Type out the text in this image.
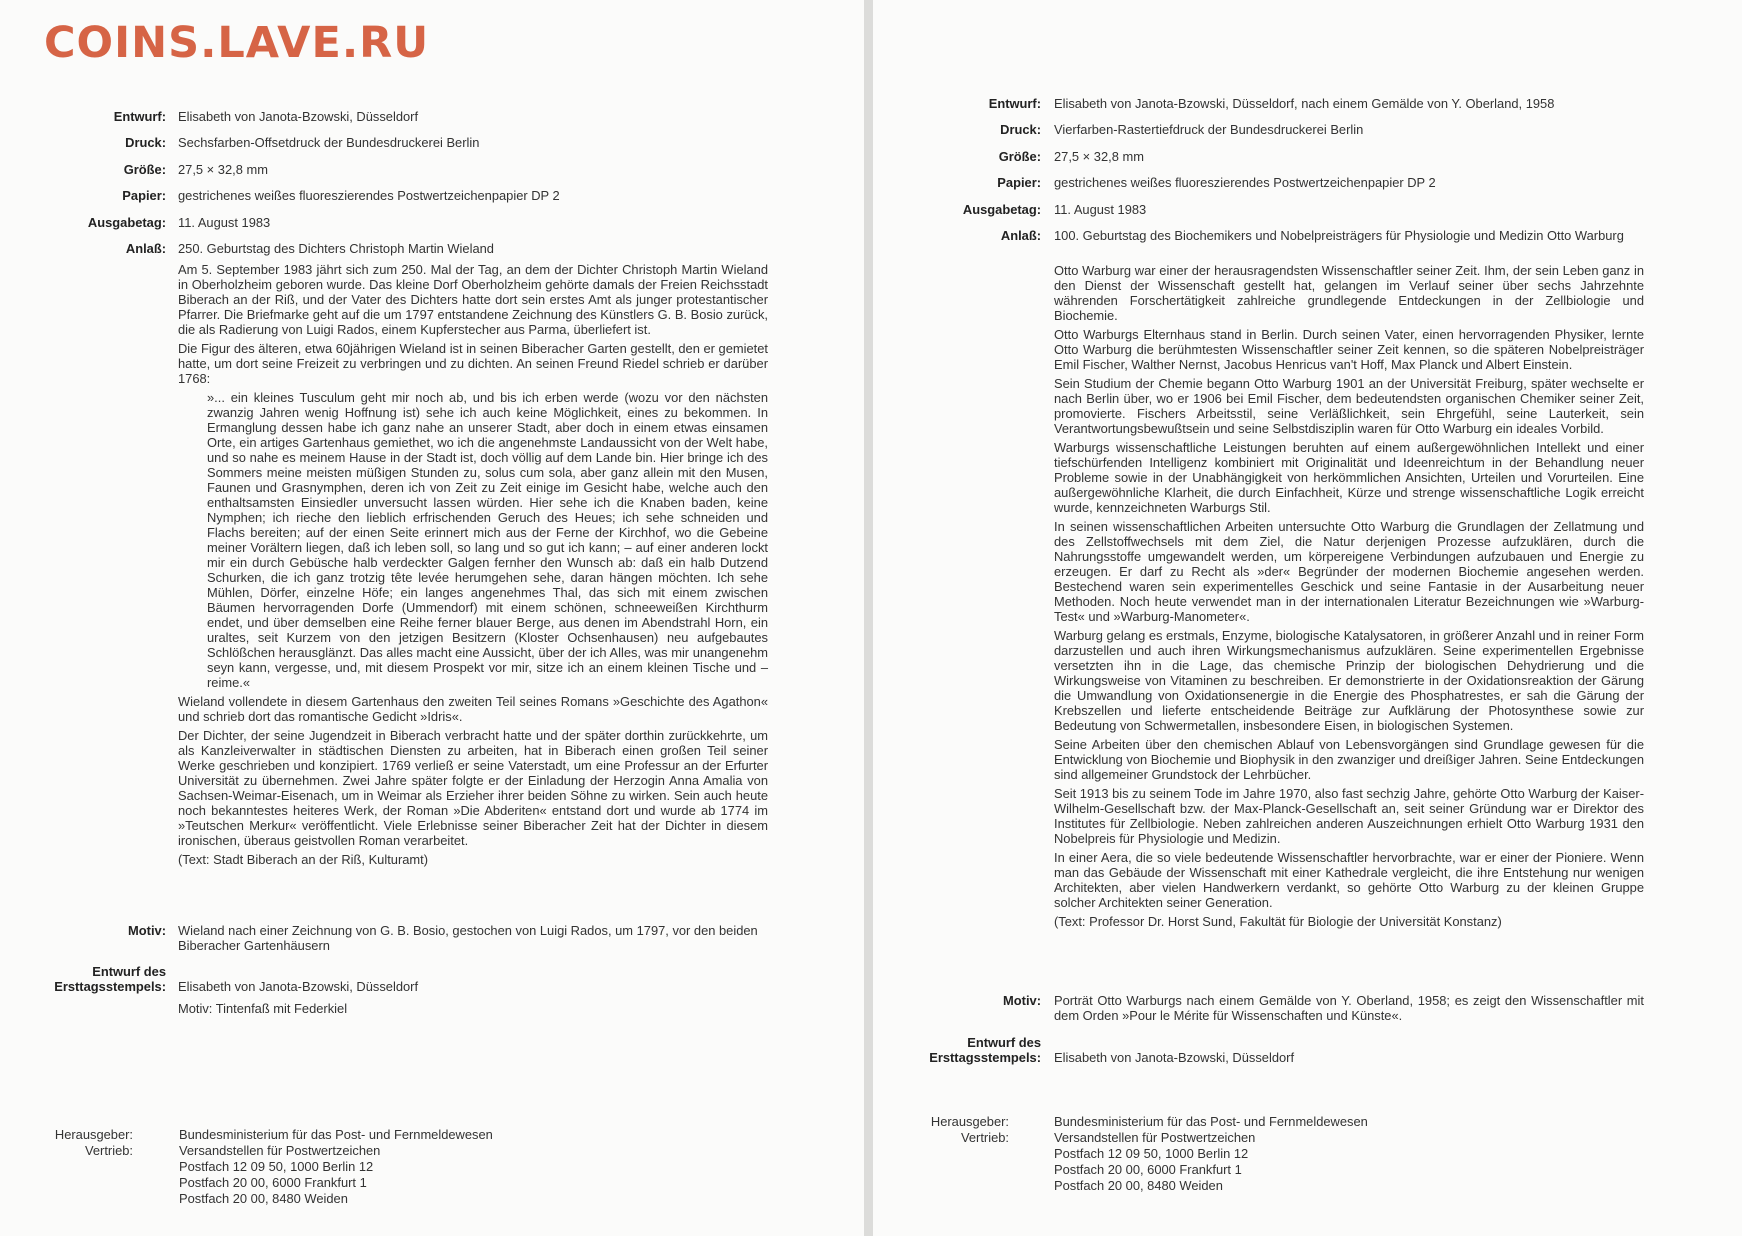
COINS.LAVE.RU
Entwurf: Elisabeth von Janota-Bzowski, Düsseldorf
Druck: Sechsfarben-Offsetdruck der Bundesdruckerei Berlin
Größe: 27,5 × 32,8 mm
Papier: gestrichenes weißes fluoreszierendes Postwertzeichenpapier DP 2
Ausgabetag: 11. August 1983
Anlaß: 250. Geburtstag des Dichters Christoph Martin Wieland

Am 5. September 1983 jährt sich zum 250. Mal der Tag, an dem der Dichter Christoph Martin Wieland in Oberholzheim geboren wurde. Das kleine Dorf Oberholzheim gehörte damals der Freien Reichsstadt Biberach an der Riß, und der Vater des Dichters hatte dort sein erstes Amt als junger protestantischer Pfarrer. Die Briefmarke geht auf die um 1797 entstandene Zeichnung des Künstlers G. B. Bosio zurück, die als Radierung von Luigi Rados, einem Kupferstecher aus Parma, überliefert ist.

Die Figur des älteren, etwa 60jährigen Wieland ist in seinen Biberacher Garten gestellt, den er gemietet hatte, um dort seine Freizeit zu verbringen und zu dichten. An seinen Freund Riedel schrieb er darüber 1768:

»... ein kleines Tusculum geht mir noch ab, und bis ich erben werde (wozu vor den nächsten zwanzig Jahren wenig Hoffnung ist) sehe ich auch keine Möglichkeit, eines zu bekommen. In Ermanglung dessen habe ich ganz nahe an unserer Stadt, aber doch in einem etwas einsamen Orte, ein artiges Gartenhaus gemiethet, wo ich die angenehmste Landaussicht von der Welt habe, und so nahe es meinem Hause in der Stadt ist, doch völlig auf dem Lande bin. Hier bringe ich des Sommers meine meisten müßigen Stunden zu, solus cum sola, aber ganz allein mit den Musen, Faunen und Grasnymphen, deren ich von Zeit zu Zeit einige im Gesicht habe, welche auch den enthaltsamsten Einsiedler unversucht lassen würden. Hier sehe ich die Knaben baden, keine Nymphen; ich rieche den lieblich erfrischenden Geruch des Heues; ich sehe schneiden und Flachs bereiten; auf der einen Seite erinnert mich aus der Ferne der Kirchhof, wo die Gebeine meiner Vorältern liegen, daß ich leben soll, so lang und so gut ich kann; – auf einer anderen lockt mir ein durch Gebüsche halb verdeckter Galgen fernher den Wunsch ab: daß ein halb Dutzend Schurken, die ich ganz trotzig tête levée herumgehen sehe, daran hängen möchten. Ich sehe Mühlen, Dörfer, einzelne Höfe; ein langes angenehmes Thal, das sich mit einem zwischen Bäumen hervorragenden Dorfe (Ummendorf) mit einem schönen, schneeweißen Kirchthurm endet, und über demselben eine Reihe ferner blauer Berge, aus denen im Abendstrahl Horn, ein uraltes, seit Kurzem von den jetzigen Besitzern (Kloster Ochsenhausen) neu aufgebautes Schlößchen herausglänzt. Das alles macht eine Aussicht, über der ich Alles, was mir unangenehm seyn kann, vergesse, und, mit diesem Prospekt vor mir, sitze ich an einem kleinen Tische und – reime.«

Wieland vollendete in diesem Gartenhaus den zweiten Teil seines Romans »Geschichte des Agathon« und schrieb dort das romantische Gedicht »Idris«.

Der Dichter, der seine Jugendzeit in Biberach verbracht hatte und der später dorthin zurückkehrte, um als Kanzleiverwalter in städtischen Diensten zu arbeiten, hat in Biberach einen großen Teil seiner Werke geschrieben und konzipiert. 1769 verließ er seine Vaterstadt, um eine Professur an der Erfurter Universität zu übernehmen. Zwei Jahre später folgte er der Einladung der Herzogin Anna Amalia von Sachsen-Weimar-Eisenach, um in Weimar als Erzieher ihrer beiden Söhne zu wirken. Sein auch heute noch bekanntestes heiteres Werk, der Roman »Die Abderiten« entstand dort und wurde ab 1774 im »Teutschen Merkur« veröffentlicht. Viele Erlebnisse seiner Biberacher Zeit hat der Dichter in diesem ironischen, überaus geistvollen Roman verarbeitet.

(Text: Stadt Biberach an der Riß, Kulturamt)

Motiv: Wieland nach einer Zeichnung von G. B. Bosio, gestochen von Luigi Rados, um 1797, vor den beiden Biberacher Gartenhäusern
Entwurf des
Ersttagsstempels: Elisabeth von Janota-Bzowski, Düsseldorf
Motiv: Tintenfaß mit Federkiel
Herausgeber:	Bundesministerium für das Post- und Fernmeldewesen
Vertrieb:	Versandstellen für Postwertzeichen
Postfach 12 09 50, 1000 Berlin 12
Postfach 20 00, 6000 Frankfurt 1
Postfach 20 00, 8480 Weiden
Entwurf: Elisabeth von Janota-Bzowski, Düsseldorf, nach einem Gemälde von Y. Oberland, 1958
Druck: Vierfarben-Rastertiefdruck der Bundesdruckerei Berlin
Größe: 27,5 × 32,8 mm
Papier: gestrichenes weißes fluoreszierendes Postwertzeichenpapier DP 2
Ausgabetag: 11. August 1983
Anlaß: 100. Geburtstag des Biochemikers und Nobelpreisträgers für Physiologie und Medizin Otto Warburg

Otto Warburg war einer der herausragendsten Wissenschaftler seiner Zeit. Ihm, der sein Leben ganz in den Dienst der Wissenschaft gestellt hat, gelangen im Verlauf seiner über sechs Jahrzehnte währenden Forschertätigkeit zahlreiche grundlegende Entdeckungen in der Zellbiologie und Biochemie.

Otto Warburgs Elternhaus stand in Berlin. Durch seinen Vater, einen hervorragenden Physiker, lernte Otto Warburg die berühmtesten Wissenschaftler seiner Zeit kennen, so die späteren Nobelpreisträger Emil Fischer, Walther Nernst, Jacobus Henricus van't Hoff, Max Planck und Albert Einstein.

Sein Studium der Chemie begann Otto Warburg 1901 an der Universität Freiburg, später wechselte er nach Berlin über, wo er 1906 bei Emil Fischer, dem bedeutendsten organischen Chemiker seiner Zeit, promovierte. Fischers Arbeitsstil, seine Verläßlichkeit, sein Ehrgefühl, seine Lauterkeit, sein Verantwortungsbewußtsein und seine Selbstdisziplin waren für Otto Warburg ein ideales Vorbild.

Warburgs wissenschaftliche Leistungen beruhten auf einem außergewöhnlichen Intellekt und einer tiefschürfenden Intelligenz kombiniert mit Originalität und Ideenreichtum in der Behandlung neuer Probleme sowie in der Unabhängigkeit von herkömmlichen Ansichten, Urteilen und Vorurteilen. Eine außergewöhnliche Klarheit, die durch Einfachheit, Kürze und strenge wissenschaftliche Logik erreicht wurde, kennzeichneten Warburgs Stil.

In seinen wissenschaftlichen Arbeiten untersuchte Otto Warburg die Grundlagen der Zellatmung und des Zellstoffwechsels mit dem Ziel, die Natur derjenigen Prozesse aufzuklären, durch die Nahrungsstoffe umgewandelt werden, um körpereigene Verbindungen aufzubauen und Energie zu erzeugen. Er darf zu Recht als »der« Begründer der modernen Biochemie angesehen werden. Bestechend waren sein experimentelles Geschick und seine Fantasie in der Ausarbeitung neuer Methoden. Noch heute verwendet man in der internationalen Literatur Bezeichnungen wie »Warburg-Test« und »Warburg-Manometer«.

Warburg gelang es erstmals, Enzyme, biologische Katalysatoren, in größerer Anzahl und in reiner Form darzustellen und auch ihren Wirkungsmechanismus aufzuklären. Seine experimentellen Ergebnisse versetzten ihn in die Lage, das chemische Prinzip der biologischen Dehydrierung und die Wirkungsweise von Vitaminen zu beschreiben. Er demonstrierte in der Oxidationsreaktion der Gärung die Umwandlung von Oxidationsenergie in die Energie des Phosphatrestes, er sah die Gärung der Krebszellen und lieferte entscheidende Beiträge zur Aufklärung der Photosynthese sowie zur Bedeutung von Schwermetallen, insbesondere Eisen, in biologischen Systemen.

Seine Arbeiten über den chemischen Ablauf von Lebensvorgängen sind Grundlage gewesen für die Entwicklung von Biochemie und Biophysik in den zwanziger und dreißiger Jahren. Seine Entdeckungen sind allgemeiner Grundstock der Lehrbücher.

Seit 1913 bis zu seinem Tode im Jahre 1970, also fast sechzig Jahre, gehörte Otto Warburg der Kaiser-Wilhelm-Gesellschaft bzw. der Max-Planck-Gesellschaft an, seit seiner Gründung war er Direktor des Institutes für Zellbiologie. Neben zahlreichen anderen Auszeichnungen erhielt Otto Warburg 1931 den Nobelpreis für Physiologie und Medizin.

In einer Aera, die so viele bedeutende Wissenschaftler hervorbrachte, war er einer der Pioniere. Wenn man das Gebäude der Wissenschaft mit einer Kathedrale vergleicht, die ihre Entstehung nur wenigen Architekten, aber vielen Handwerkern verdankt, so gehörte Otto Warburg zu der kleinen Gruppe solcher Architekten seiner Generation.

(Text: Professor Dr. Horst Sund, Fakultät für Biologie der Universität Konstanz)

Motiv: Porträt Otto Warburgs nach einem Gemälde von Y. Oberland, 1958; es zeigt den Wissenschaftler mit dem Orden »Pour le Mérite für Wissenschaften und Künste«.
Entwurf des
Ersttagsstempels: Elisabeth von Janota-Bzowski, Düsseldorf
Herausgeber:	Bundesministerium für das Post- und Fernmeldewesen
Vertrieb:	Versandstellen für Postwertzeichen
Postfach 12 09 50, 1000 Berlin 12
Postfach 20 00, 6000 Frankfurt 1
Postfach 20 00, 8480 Weiden
